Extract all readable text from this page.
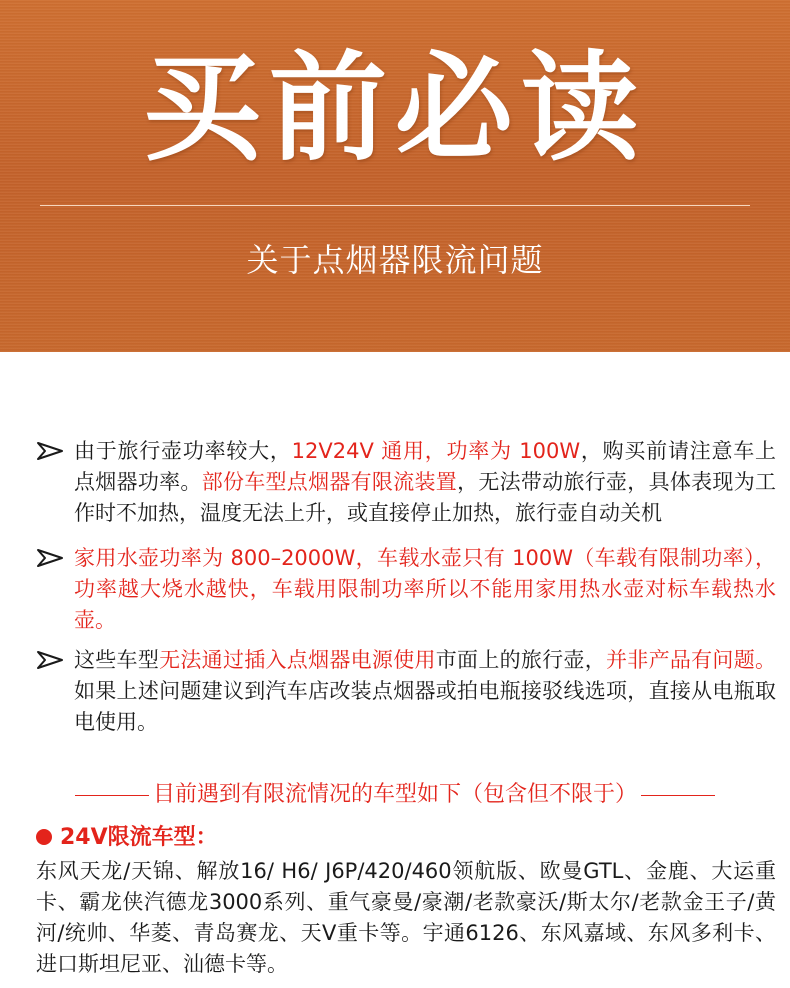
买前必读
关于点烟器限流问题
由于旅行壶功率较大，12V24V 通用，功率为 100W，购买前请注意车上点烟器功率。部份车型点烟器有限流装置，无法带动旅行壶，具体表现为工作时不加热，温度无法上升，或直接停止加热，旅行壶自动关机
家用水壶功率为 800–2000W，车载水壶只有 100W（车载有限制功率），功率越大烧水越快，车载用限制功率所以不能用家用热水壶对标车载热水壶。
这些车型无法通过插入点烟器电源使用市面上的旅行壶，并非产品有问题。如果上述问题建议到汽车店改装点烟器或拍电瓶接驳线选项，直接从电瓶取电使用。
目前遇到有限流情况的车型如下（包含但不限于）
24V限流车型：
东风天龙/天锦、解放16/ H6/ J6P/420/460领航版、欧曼GTL、金鹿、大运重卡、霸龙侠汽德龙3000系列、重气豪曼/豪潮/老款豪沃/斯太尔/老款金王子/黄河/统帅、华菱、青岛赛龙、天V重卡等。宇通6126、东风嘉域、东风多利卡、进口斯坦尼亚、汕德卡等。
